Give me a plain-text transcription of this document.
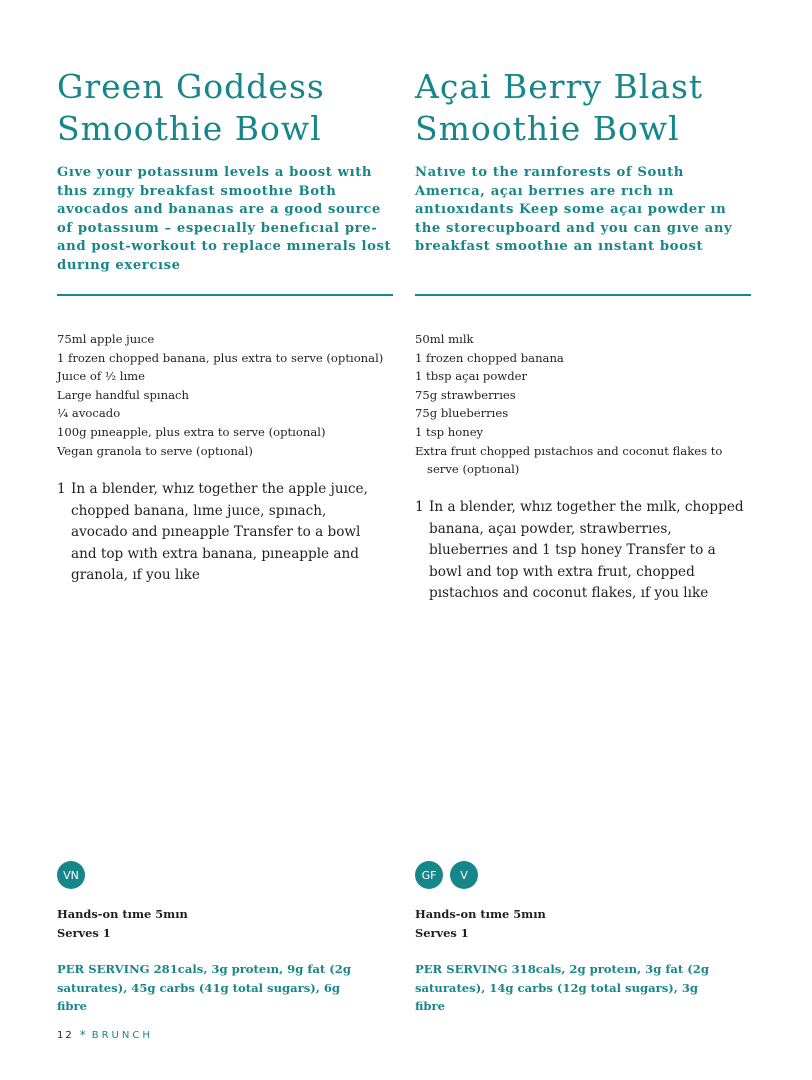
Green Goddess
Smoothie Bowl
Gıve your potassıum levels a boost wıth thıs zıngy breakfast smoothıe Both avocados and bananas are a good source of potassıum – especıally benefıcıal pre- and post-workout to replace mınerals lost durıng exercıse
75ml apple juıce
1 frozen chopped banana, plus extra to serve (optıonal)
Juıce of ½ lıme
Large handful spınach
¼ avocado
100g pıneapple, plus extra to serve (optıonal)
Vegan granola to serve (optıonal)
1 In a blender, whız together the apple juıce, chopped banana, lıme juıce, spınach, avocado and pıneapple Transfer to a bowl and top wıth extra banana, pıneapple and granola, ıf you lıke
VN
Hands-on tıme 5mın
Serves 1
PER SERVING 281cals, 3g proteın, 9g fat (2g saturates), 45g carbs (41g total sugars), 6g fibre
Açai Berry Blast
Smoothie Bowl
Natıve to the raınforests of South Amerıca, açaı berrıes are rıch ın antıoxıdants Keep some açaı powder ın the storecupboard and you can gıve any breakfast smoothıe an ınstant boost
50ml mılk
1 frozen chopped banana
1 tbsp açaı powder
75g strawberrıes
75g blueberrıes
1 tsp honey
Extra fruıt chopped pıstachıos and coconut flakes to serve (optıonal)
1 In a blender, whız together the mılk, chopped banana, açaı powder, strawberrıes, blueberrıes and 1 tsp honey Transfer to a bowl and top wıth extra fruıt, chopped pıstachıos and coconut flakes, ıf you lıke
GF	V
Hands-on tıme 5mın
Serves 1
PER SERVING 318cals, 2g proteın, 3g fat (2g saturates), 14g carbs (12g total sugars), 3g fibre
12 * BRUNCH
